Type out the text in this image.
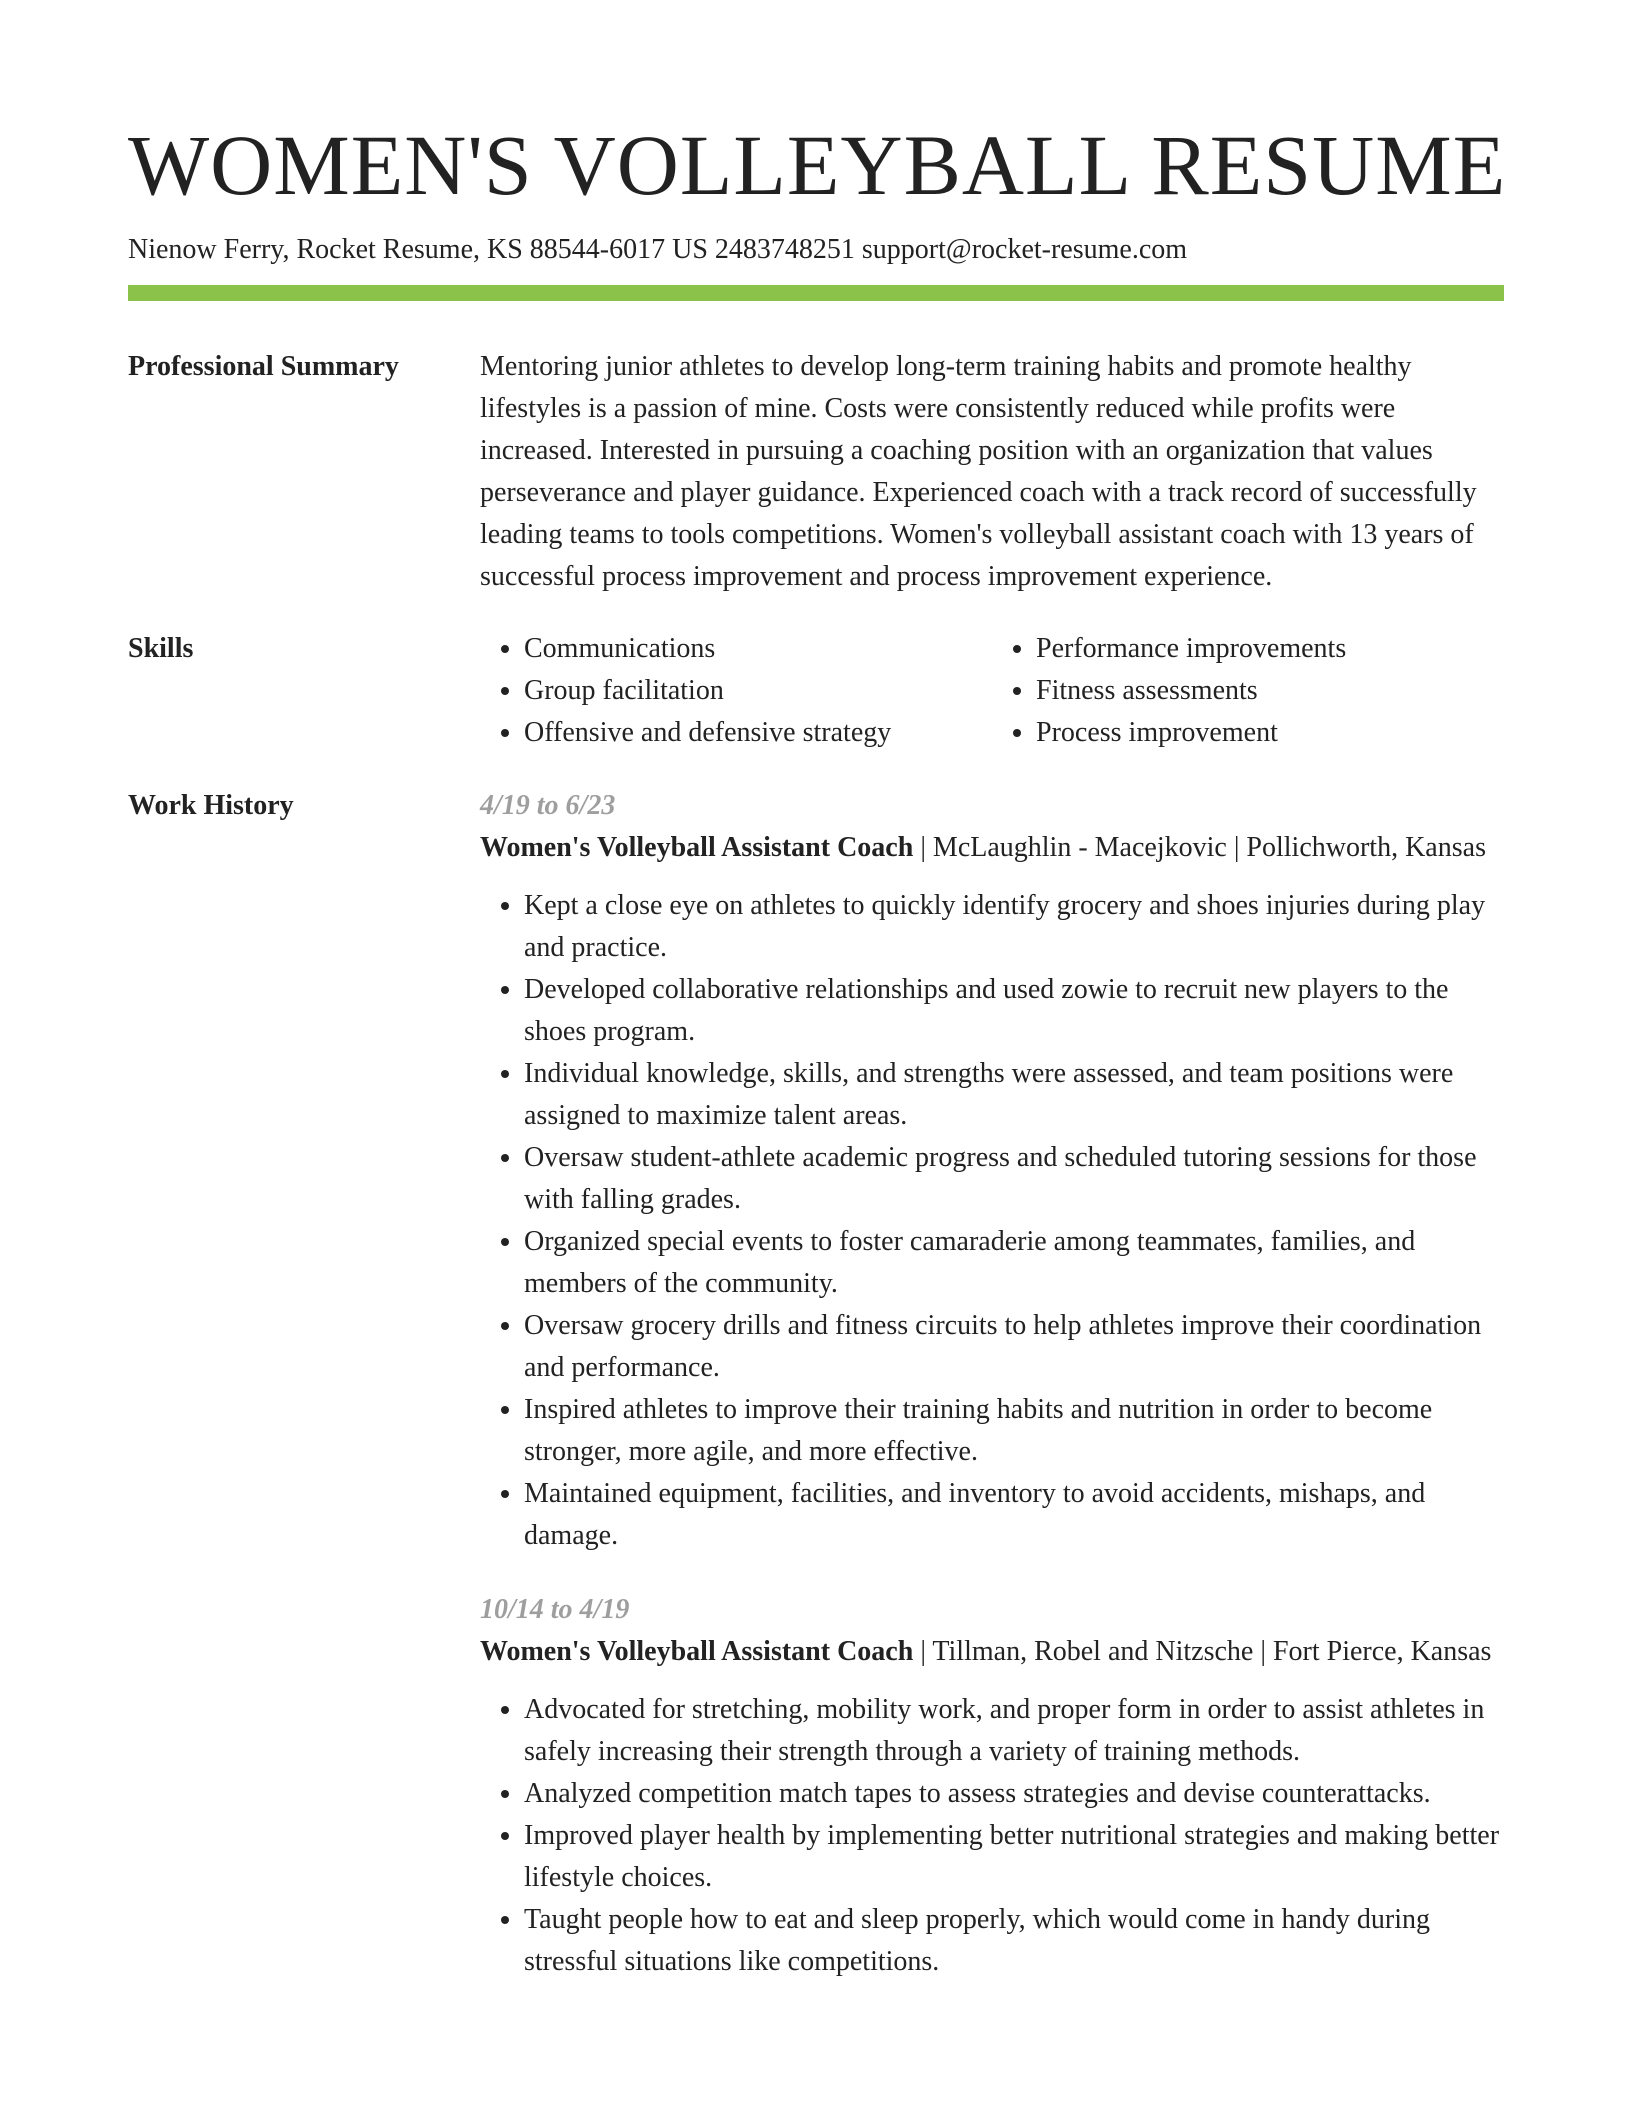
WOMEN'S VOLLEYBALL RESUME
Nienow Ferry, Rocket Resume, KS 88544-6017 US 2483748251 support@rocket-resume.com
Professional Summary	Mentoring junior athletes to develop long-term training habits and promote healthy lifestyles is a passion of mine. Costs were consistently reduced while profits were increased. Interested in pursuing a coaching position with an organization that values perseverance and player guidance. Experienced coach with a track record of successfully leading teams to tools competitions. Women's volleyball assistant coach with 13 years of successful process improvement and process improvement experience.

Skills
•	Communications
• Group facilitation
• Offensive and defensive strategy
• Performance improvements
• Fitness assessments
• Process improvement
Work History	4/19 to 6/23
Women's Volleyball Assistant Coach | McLaughlin - Macejkovic | Pollichworth, Kansas
• Kept a close eye on athletes to quickly identify grocery and shoes injuries during play and practice.
• Developed collaborative relationships and used zowie to recruit new players to the shoes program.
• Individual knowledge, skills, and strengths were assessed, and team positions were assigned to maximize talent areas.
• Oversaw student-athlete academic progress and scheduled tutoring sessions for those with falling grades.
• Organized special events to foster camaraderie among teammates, families, and members of the community.
• Oversaw grocery drills and fitness circuits to help athletes improve their coordination and performance.
• Inspired athletes to improve their training habits and nutrition in order to become stronger, more agile, and more effective.
• Maintained equipment, facilities, and inventory to avoid accidents, mishaps, and damage.
10/14 to 4/19
Women's Volleyball Assistant Coach | Tillman, Robel and Nitzsche | Fort Pierce, Kansas
• Advocated for stretching, mobility work, and proper form in order to assist athletes in safely increasing their strength through a variety of training methods.
• Analyzed competition match tapes to assess strategies and devise counterattacks.
• Improved player health by implementing better nutritional strategies and making better lifestyle choices.
• Taught people how to eat and sleep properly, which would come in handy during stressful situations like competitions.
